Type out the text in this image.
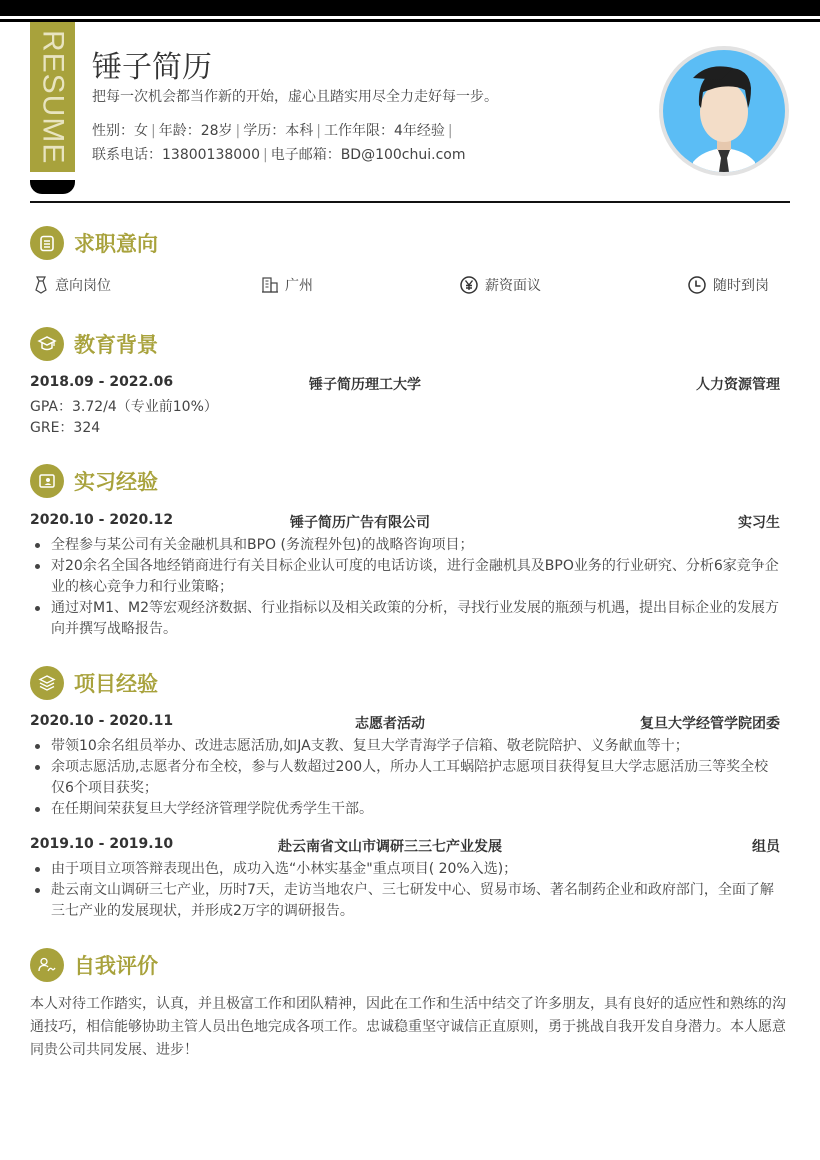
RESUME 锤子简历
把每一次机会都当作新的开始，虚心且踏实用尽全力走好每一步。
性别：女 | 年龄：28岁 | 学历：本科 | 工作年限：4年经验 |
联系电话：13800138000 | 电子邮箱：BD@100chui.com
求职意向
意向岗位	广州	薪资面议	随时到岗
教育背景
2018.09 - 2022.06	锤子简历理工大学	人力资源管理
GPA：3.72/4（专业前10%）
GRE：324
实习经验
2020.10 - 2020.12	锤子简历广告有限公司	实习生
全程参与某公司有关金融机具和BPO (务流程外包)的战略咨询项目；
对20余名全国各地经销商进行有关目标企业认可度的电话访谈，进行金融机具及BPO业务的行业研究、分析6家竞争企业的核心竞争力和行业策略；
通过对M1、M2等宏观经济数据、行业指标以及相关政策的分析，寻找行业发展的瓶颈与机遇，提出目标企业的发展方向并撰写战略报告。
项目经验
2020.10 - 2020.11	志愿者活动	复旦大学经管学院团委
带领10余名组员举办、改进志愿活劢,如JA支教、复旦大学青海学子信箱、敬老院陪护、义务献血等十；
余项志愿活劢,志愿者分布全校，参与人数超过200人，所办人工耳蜗陪护志愿项目获得复旦大学志愿活劢三等奖全校仅6个项目获奖；
在任期间荣获复旦大学经济管理学院优秀学生干部。
2019.10 - 2019.10	赴云南省文山市调研三三七产业发展	组员
由于项目立项答辩表现出色，成功入选“小林实基金"重点项目( 20%入选)；
赴云南文山调研三七产业，历时7天，走访当地农户、三七研发中心、贸易市场、著名制药企业和政府部门，全面了解三七产业的发展现状，并形成2万字的调研报告。
自我评价
本人对待工作踏实，认真，并且极富工作和团队精神，因此在工作和生活中结交了许多朋友，具有良好的适应性和熟练的沟通技巧，相信能够协助主管人员出色地完成各项工作。忠诚稳重坚守诚信正直原则，勇于挑战自我开发自身潜力。本人愿意同贵公司共同发展、进步！
